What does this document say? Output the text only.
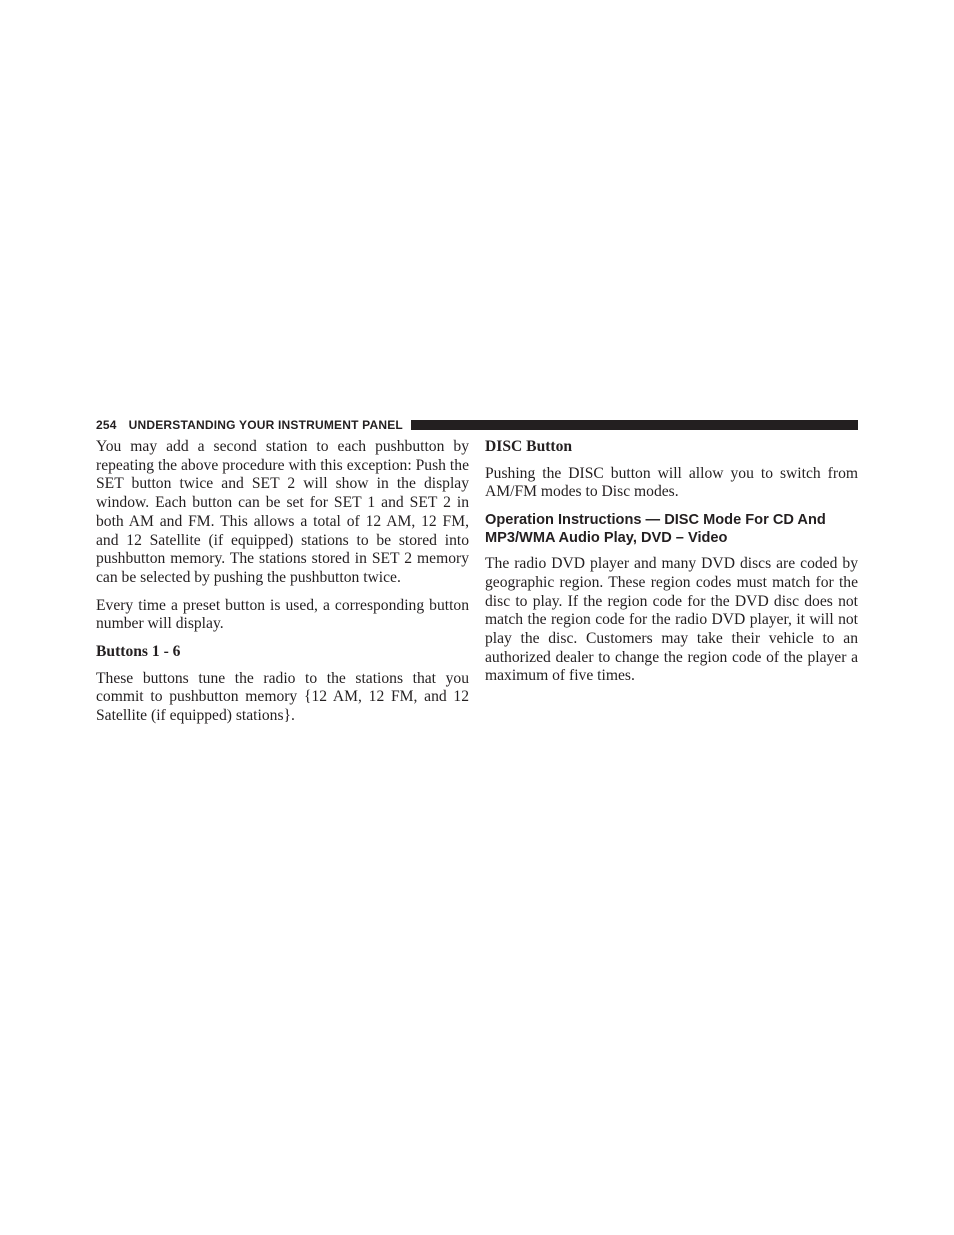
254 UNDERSTANDING YOUR INSTRUMENT PANEL

You may add a second station to each pushbutton by repeating the above procedure with this exception: Push the SET button twice and SET 2 will show in the display window. Each button can be set for SET 1 and SET 2 in both AM and FM. This allows a total of 12 AM, 12 FM, and 12 Satellite (if equipped) stations to be stored into pushbutton memory. The stations stored in SET 2 memory can be selected by pushing the pushbutton twice.

Every time a preset button is used, a corresponding button number will display.

Buttons 1 - 6

These buttons tune the radio to the stations that you commit to pushbutton memory {12 AM, 12 FM, and 12 Satellite (if equipped) stations}.

DISC Button

Pushing the DISC button will allow you to switch from AM/FM modes to Disc modes.

Operation Instructions — DISC Mode For CD And MP3/WMA Audio Play, DVD – Video

The radio DVD player and many DVD discs are coded by geographic region. These region codes must match for the disc to play. If the region code for the DVD disc does not match the region code for the radio DVD player, it will not play the disc. Customers may take their vehicle to an authorized dealer to change the region code of the player a maximum of five times.
